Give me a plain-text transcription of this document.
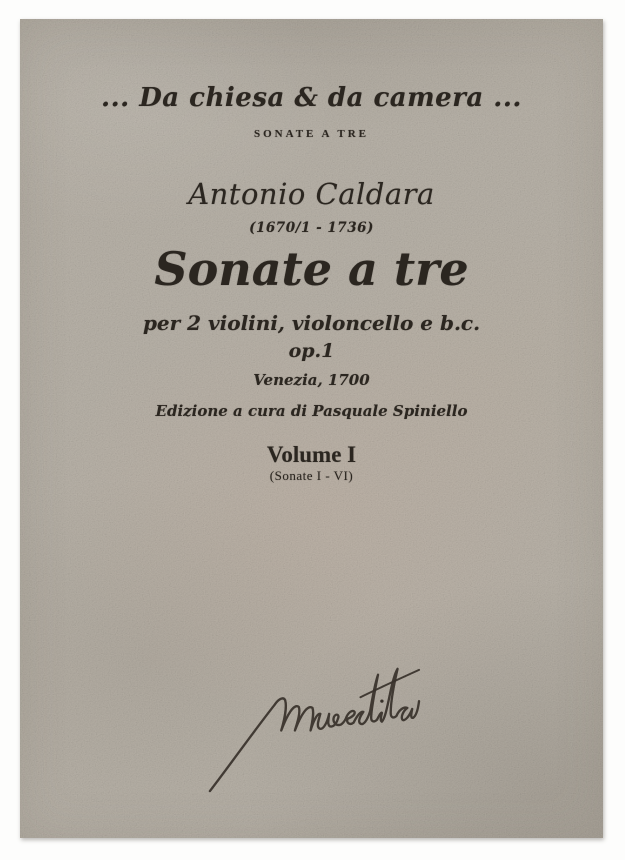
... Da chiesa & da camera ...
SONATE A TRE
Antonio Caldara
(1670/1 - 1736)
Sonate a tre
per 2 violini, violoncello e b.c.
op.1
Venezia, 1700
Edizione a cura di Pasquale Spiniello
Volume I
(Sonate I - VI)
